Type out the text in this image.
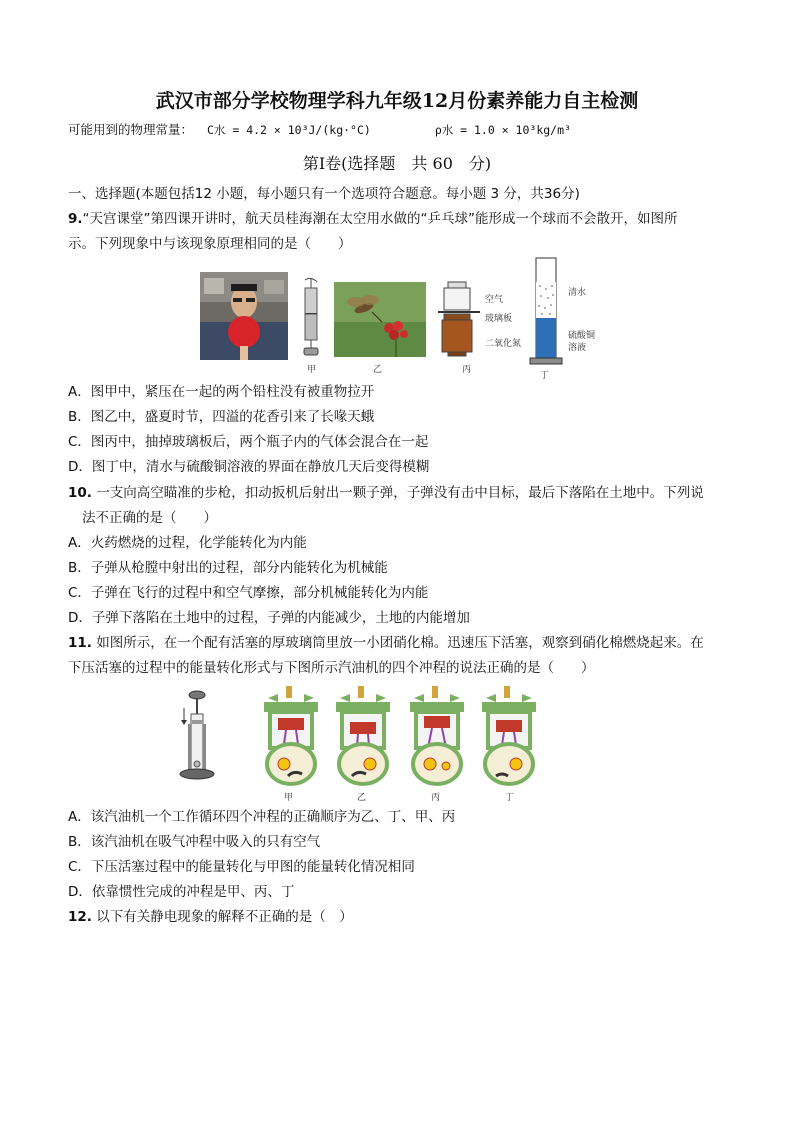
武汉市部分学校物理学科九年级12月份素养能力自主检测
可能用到的物理常量： C水 = 4.2 × 10³J/(kg·°C)	ρ水 = 1.0 × 10³kg/m³
第Ⅰ卷(选择题　共 60　分)
一、选择题(本题包括12 小题，每小题只有一个选项符合题意。每小题 3 分，共36分)
9.“天宫课堂”第四课开讲时，航天员桂海潮在太空用水做的“乒乓球”能形成一个球而不会散开，如图所
示。下列现象中与该现象原理相同的是（　　）
甲	乙
空气
玻璃板
二氧化氮
丙
清水
硫酸铜
溶液
丁
A．图甲中，紧压在一起的两个铅柱没有被重物拉开
B．图乙中，盛夏时节，四溢的花香引来了长喙天蛾
C．图丙中，抽掉玻璃板后，两个瓶子内的气体会混合在一起
D．图丁中，清水与硫酸铜溶液的界面在静放几天后变得模糊
10. 一支向高空瞄准的步枪，扣动扳机后射出一颗子弹，子弹没有击中目标，最后下落陷在土地中。下列说
法不正确的是（　　）
A．火药燃烧的过程，化学能转化为内能
B．子弹从枪膛中射出的过程，部分内能转化为机械能
C．子弹在飞行的过程中和空气摩擦，部分机械能转化为内能
D．子弹下落陷在土地中的过程，子弹的内能减少，土地的内能增加
11. 如图所示，在一个配有活塞的厚玻璃筒里放一小团硝化棉。迅速压下活塞，观察到硝化棉燃烧起来。在
下压活塞的过程中的能量转化形式与下图所示汽油机的四个冲程的说法正确的是（　　）
甲	乙	丙	丁
A．该汽油机一个工作循环四个冲程的正确顺序为乙、丁、甲、丙
B．该汽油机在吸气冲程中吸入的只有空气
C．下压活塞过程中的能量转化与甲图的能量转化情况相同
D．依靠惯性完成的冲程是甲、丙、丁
12. 以下有关静电现象的解释不正确的是（　）
